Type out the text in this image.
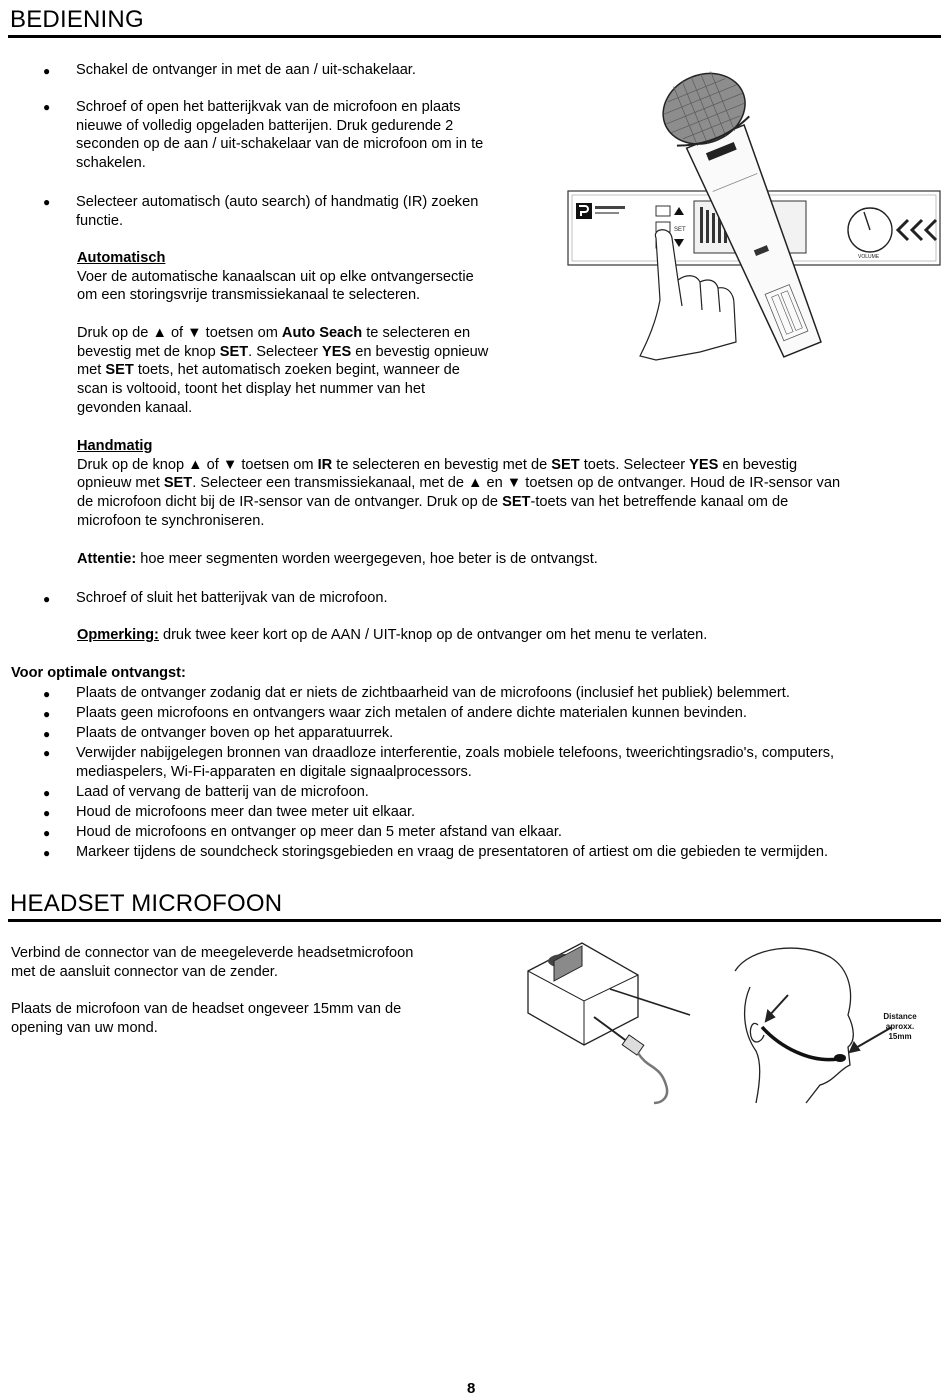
BEDIENING
● Schakel de ontvanger in met de aan / uit-schakelaar.
● Schroef of open het batterijkvak van de microfoon en plaats
nieuwe of volledig opgeladen batterijen. Druk gedurende 2
seconden op de aan / uit-schakelaar van de microfoon om in te
schakelen.
● Selecteer automatisch (auto search) of handmatig (IR) zoeken
functie.
Automatisch
Voer de automatische kanaalscan uit op elke ontvangersectie
om een storingsvrije transmissiekanaal te selecteren.
Druk op de ▲ of ▼ toetsen om Auto Seach te selecteren en
bevestig met de knop SET. Selecteer YES en bevestig opnieuw
met SET toets, het automatisch zoeken begint, wanneer de
scan is voltooid, toont het display het nummer van het
gevonden kanaal.
Handmatig
Druk op de knop ▲ of ▼ toetsen om IR te selecteren en bevestig met de SET toets. Selecteer YES en bevestig
opnieuw met SET. Selecteer een transmissiekanaal, met de ▲ en ▼ toetsen op de ontvanger. Houd de IR-sensor van
de microfoon dicht bij de IR-sensor van de ontvanger. Druk op de SET-toets van het betreffende kanaal om de
microfoon te synchroniseren.
Attentie: hoe meer segmenten worden weergegeven, hoe beter is de ontvangst.
● Schroef of sluit het batterijvak van de microfoon.
Opmerking: druk twee keer kort op de AAN / UIT-knop op de ontvanger om het menu te verlaten.
Voor optimale ontvangst:
● Plaats de ontvanger zodanig dat er niets de zichtbaarheid van de microfoons (inclusief het publiek) belemmert.
● Plaats geen microfoons en ontvangers waar zich metalen of andere dichte materialen kunnen bevinden.
● Plaats de ontvanger boven op het apparatuurrek.
● Verwijder nabijgelegen bronnen van draadloze interferentie, zoals mobiele telefoons, tweerichtingsradio's, computers,
mediaspelers, Wi-Fi-apparaten en digitale signaalprocessors.
● Laad of vervang de batterij van de microfoon.
● Houd de microfoons meer dan twee meter uit elkaar.
● Houd de microfoons en ontvanger op meer dan 5 meter afstand van elkaar.
● Markeer tijdens de soundcheck storingsgebieden en vraag de presentatoren of artiest om die gebieden te vermijden.
HEADSET MICROFOON
Verbind de connector van de meegeleverde headsetmicrofoon
met de aansluit connector van de zender.
Plaats de microfoon van de headset ongeveer 15mm van de
opening van uw mond.
SET
VOLUME
Distance
aproxx.
15mm
8
